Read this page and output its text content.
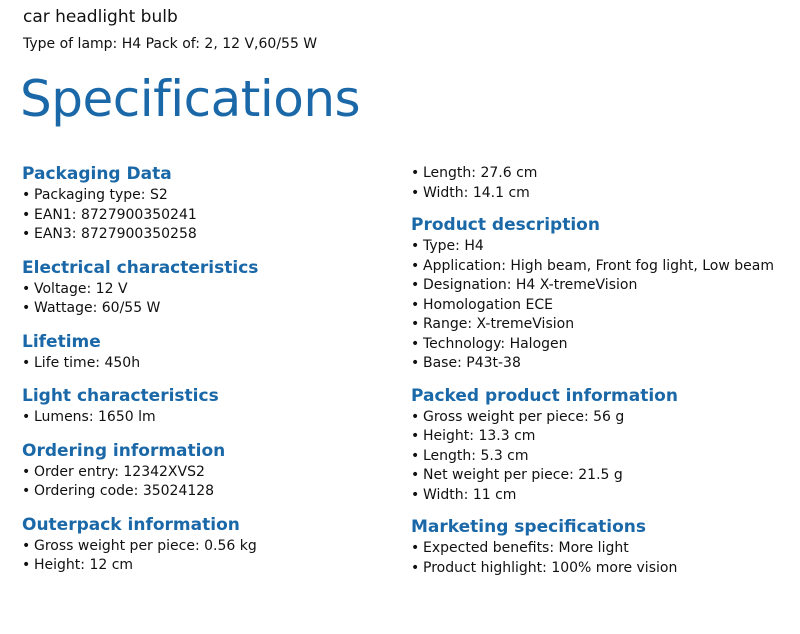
car headlight bulb

Type of lamp: H4 Pack of: 2, 12 V,60/55 W

Specifications
Packaging Data
• Packaging type: S2
• EAN1: 8727900350241
• EAN3: 8727900350258
Electrical characteristics
• Voltage: 12 V
• Wattage: 60/55 W
Lifetime
• Life time: 450h
Light characteristics
• Lumens: 1650 lm
Ordering information
• Order entry: 12342XVS2
• Ordering code: 35024128
Outerpack information
• Gross weight per piece: 0.56 kg
• Height: 12 cm
• Length: 27.6 cm
• Width: 14.1 cm
Product description
• Type: H4
• Application: High beam, Front fog light, Low beam
• Designation: H4 X-tremeVision
• Homologation ECE
• Range: X-tremeVision
• Technology: Halogen
• Base: P43t-38
Packed product information
• Gross weight per piece: 56 g
• Height: 13.3 cm
• Length: 5.3 cm
• Net weight per piece: 21.5 g
• Width: 11 cm
Marketing specifications
• Expected benefits: More light
• Product highlight: 100% more vision
